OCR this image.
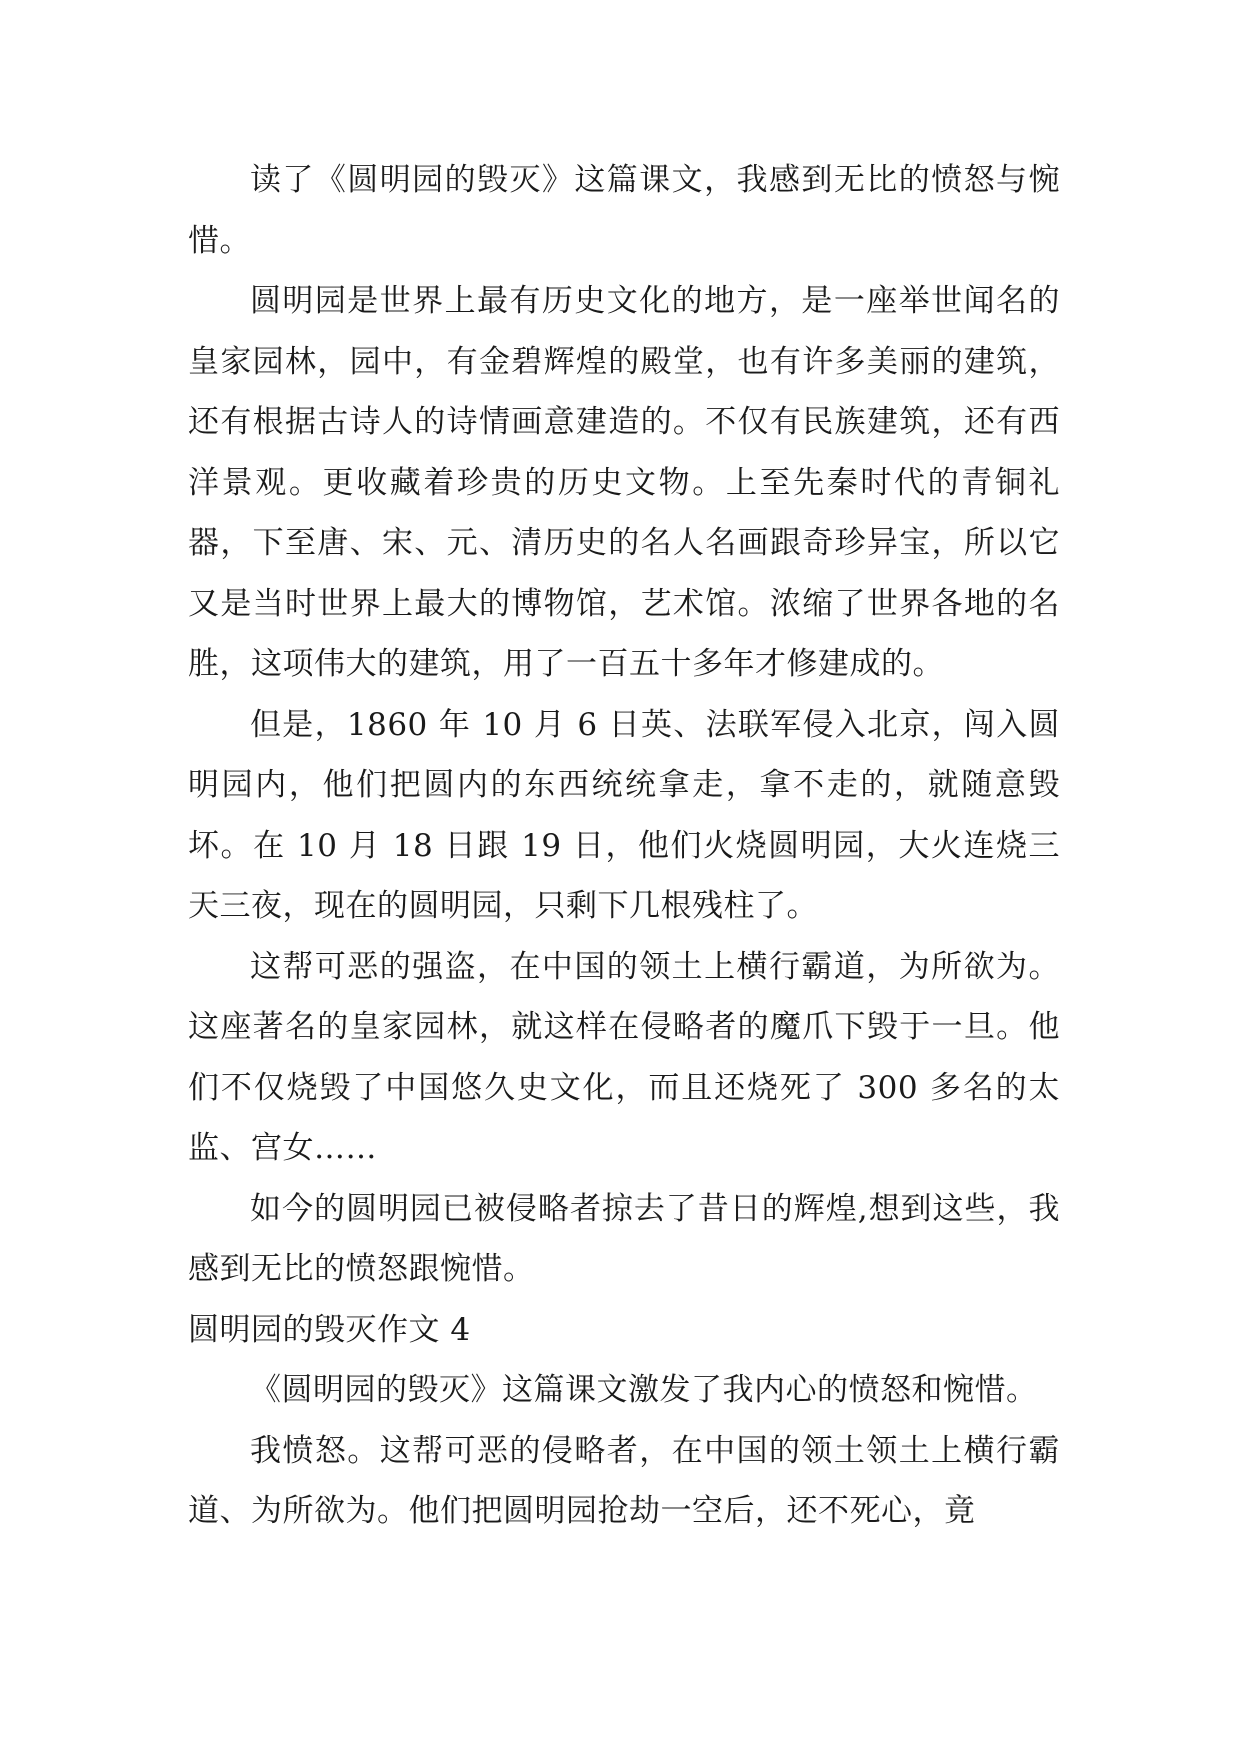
读了《圆明园的毁灭》这篇课文，我感到无比的愤怒与惋惜。

圆明园是世界上最有历史文化的地方，是一座举世闻名的皇家园林，园中，有金碧辉煌的殿堂，也有许多美丽的建筑，还有根据古诗人的诗情画意建造的。不仅有民族建筑，还有西洋景观。更收藏着珍贵的历史文物。上至先秦时代的青铜礼器，下至唐、宋、元、清历史的名人名画跟奇珍异宝，所以它又是当时世界上最大的博物馆，艺术馆。浓缩了世界各地的名胜，这项伟大的建筑，用了一百五十多年才修建成的。

但是，1860 年 10 月 6 日英、法联军侵入北京，闯入圆明园内，他们把圆内的东西统统拿走，拿不走的，就随意毁坏。在 10 月 18 日跟 19 日，他们火烧圆明园，大火连烧三天三夜，现在的圆明园，只剩下几根残柱了。

这帮可恶的强盗，在中国的领土上横行霸道，为所欲为。这座著名的皇家园林，就这样在侵略者的魔爪下毁于一旦。他们不仅烧毁了中国悠久史文化，而且还烧死了 300 多名的太监、宫女……

如今的圆明园已被侵略者掠去了昔日的辉煌,想到这些，我感到无比的愤怒跟惋惜。

圆明园的毁灭作文 4

《圆明园的毁灭》这篇课文激发了我内心的愤怒和惋惜。

我愤怒。这帮可恶的侵略者，在中国的领土领土上横行霸道、为所欲为。他们把圆明园抢劫一空后，还不死心，竟
